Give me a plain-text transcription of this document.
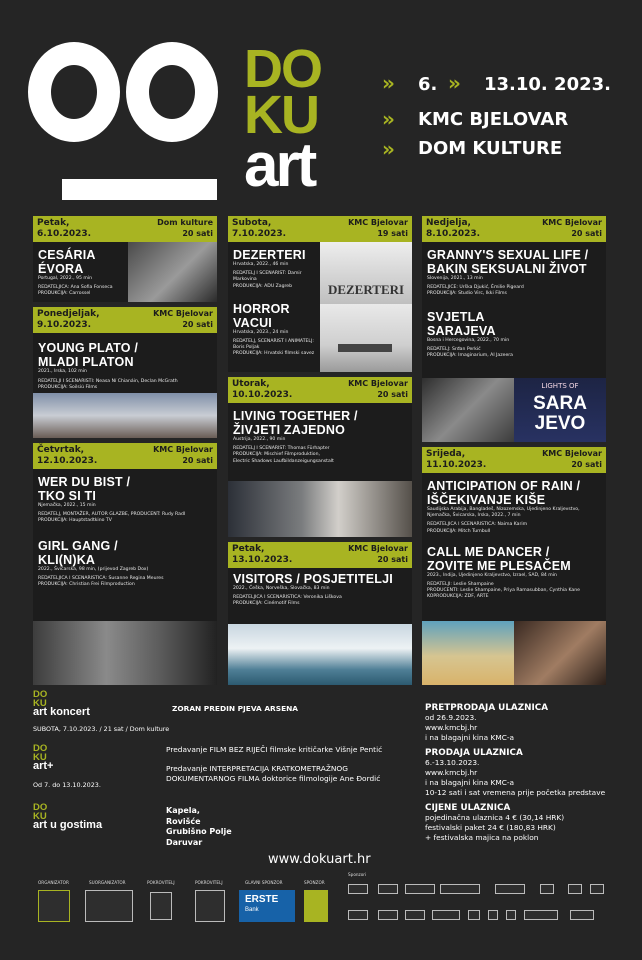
DO
KU
art
»	6. »	13.10. 2023.
»	KMC BJELOVAR
»	DOM KULTURE
Petak,
6.10.2023.
Dom kulture
20 sati
CESÁRIA
ÉVORA
Portugal, 2022., 95 min
REDATELJICA: Ana Sofia Fonseca
PRODUKCIJA: Carrossel
Ponedjeljak,
9.10.2023.
KMC Bjelovar
20 sati
YOUNG PLATO /
MLADI PLATON
2021., Irska, 102 min
REDATELJI I SCENARISTI: Neasa Ní Chianáin, Declan McGrath
PRODUKCIJA: Soilsiú Films
Četvrtak,
12.10.2023.
KMC Bjelovar
20 sati
WER DU BIST /
TKO SI TI
Njemačka, 2022., 15 min
REDATELJ, MONTAŽER, AUTOR GLAZBE, PRODUCENT: Rudy Radl
PRODUKCIJA: Hauptstadtkino TV
GIRL GANG /
KLI(N)KA
2022., Švicarska, 98 min, (prijevod Zagreb Dox)
REDATELJICA I SCENARISTICA: Susanne Regina Meures
PRODUKCIJA: Christian Frei Filmproduction
Subota,
7.10.2023.
KMC Bjelovar
19 sati
DEZERTERI
Hrvatska, 2022., 46 min
REDATELJ I SCENARIST: Damir Markovina
PRODUKCIJA: ADU Zagreb
HORROR
VACUI
Hrvatska, 2023., 24 min
REDATELJ, SCENARIST I ANIMATELJ: Boris Poljak
PRODUKCIJA: Hrvatski filmski savez
DEZERTERI
Utorak,
10.10.2023.
KMC Bjelovar
20 sati
LIVING TOGETHER /
ŽIVJETI ZAJEDNO
Austrija, 2022., 90 min
REDATELJ I SCENARIST: Thomas Fürhapter
PRODUKCIJA: Mischief Filmproduktion,
Electric Shadows Laufbildanzeigungsanstalt
Petak,
13.10.2023.
KMC Bjelovar
20 sati
VISITORS / POSJETITELJI
2022., Češka, Norveška, Slovačka, 83 min
REDATELJICA I SCENARISTICA: Veronika Liškova
PRODUKCIJA: Cinémotif Films
Nedjelja,
8.10.2023.
KMC Bjelovar
20 sati
GRANNY'S SEXUAL LIFE /
BAKIN SEKSUALNI ŽIVOT
Slovenija, 2021., 13 min
REDATELJICE: Urška Djukić, Émilie Pigeard
PRODUKCIJA: Studio Virc, Ikki Films
SVJETLA
SARAJEVA
Bosna i Hercegovina, 2022., 70 min
REDATELJ: Srđan Perkić
PRODUKCIJA: Imaginarium, Al Jazeera
LIGHTS OF
SARA
JEVO
Srijeda,
11.10.2023.
KMC Bjelovar
20 sati
ANTICIPATION OF RAIN /
IŠČEKIVANJE KIŠE
Saudijska Arabija, Bangladeš, Nizozemska, Ujedinjeno Kraljevstvo,
Njemačka, Švicarska, Irska, 2022., 7 min
REDATELJICA I SCENARISTICA: Naima Karim
PRODUKCIJA: Mitch Turnbull
CALL ME DANCER /
ZOVITE ME PLESAČEM
2023., Indija, Ujedinjeno Kraljevstvo, Izrael, SAD, 84 min
REDATELJI: Leslie Shampaine
PRODUCENTI: Leslie Shampaine, Priya Ramasubban, Cynthia Kane
KOPRODUKCIJA: ZDF, ARTE
DO
KU
art koncert
SUBOTA, 7.10.2023. / 21 sat / Dom kulture
ZORAN PREDIN PJEVA ARSENA
DO
KU
art+
Od 7. do 13.10.2023.
Predavanje FILM BEZ RIJEČI filmske kritičarke Višnje Pentić
Predavanje INTERPRETACIJA KRATKOMETRAŽNOG
DOKUMENTARNOG FILMA doktorice filmologije Ane Đordić
DO
KU
art u gostima
Kapela,
Rovišće
Grubišno Polje
Daruvar
PRETPRODAJA ULAZNICA
od 26.9.2023.
www.kmcbj.hr
i na blagajni kina KMC-a
PRODAJA ULAZNICA
6.-13.10.2023.
www.kmcbj.hr
i na blagajni kina KMC-a
10-12 sati i sat vremena prije početka predstave
CIJENE ULAZNICA
pojedinačna ulaznica 4 € (30,14 HRK)
festivalski paket 24 € (180,83 HRK)
+ festivalska majica na poklon
www.dokuart.hr
ORGANIZATOR	SUORGANIZATOR	POKROVITELJ	POKROVITELJ	GLAVNI SPONZOR	SPONZOR
Sponzori
ERSTE
Bank
